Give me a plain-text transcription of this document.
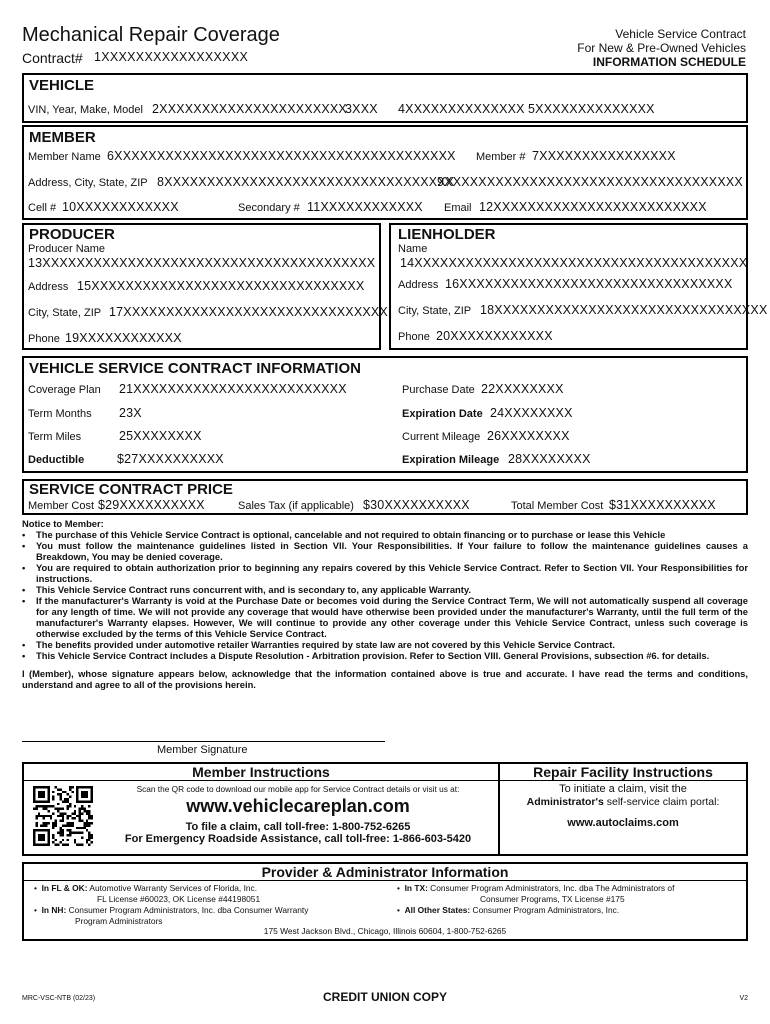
Mechanical Repair Coverage
Contract# 1XXXXXXXXXXXXXXXXX
Vehicle Service Contract
For New & Pre-Owned Vehicles
INFORMATION SCHEDULE
VEHICLE
VIN, Year, Make, Model 2XXXXXXXXXXXXXXXXXXXXXX
3XXX	4XXXXXXXXXXXXXX 5XXXXXXXXXXXXXX
MEMBER
Member Name 6XXXXXXXXXXXXXXXXXXXXXXXXXXXXXXXXXXXXXXXX	Member # 7XXXXXXXXXXXXXXXX
Address, City, State, ZIP 8XXXXXXXXXXXXXXXXXXXXXXXXXXXXXXXXXX
9XXXXXXXXXXXXXXXXXXXXXXXXXXXXXXXXXXX
Cell # 10XXXXXXXXXXXX	Secondary # 11XXXXXXXXXXXX	Email 12XXXXXXXXXXXXXXXXXXXXXXXXX
PRODUCER
Producer Name
13XXXXXXXXXXXXXXXXXXXXXXXXXXXXXXXXXXXXXXX
Address 15XXXXXXXXXXXXXXXXXXXXXXXXXXXXXXXX
City, State, ZIP 17XXXXXXXXXXXXXXXXXXXXXXXXXXXXXXX
Phone 19XXXXXXXXXXXX
LIENHOLDER
Name
14XXXXXXXXXXXXXXXXXXXXXXXXXXXXXXXXXXXXXXX
Address 16XXXXXXXXXXXXXXXXXXXXXXXXXXXXXXXX
City, State, ZIP 18XXXXXXXXXXXXXXXXXXXXXXXXXXXXXXXX
Phone 20XXXXXXXXXXXX
VEHICLE SERVICE CONTRACT INFORMATION
Coverage Plan 21XXXXXXXXXXXXXXXXXXXXXXXXX	Purchase Date 22XXXXXXXX
Term Months 23X	Expiration Date 24XXXXXXXX
Term Miles	25XXXXXXXX	Current Mileage 26XXXXXXXX
Deductible	$27XXXXXXXXXX	Expiration Mileage 28XXXXXXXX
SERVICE CONTRACT PRICE
Member Cost $29XXXXXXXXXX	Sales Tax (if applicable) $30XXXXXXXXXX	Total Member Cost $31XXXXXXXXXX
Notice to Member:
•	The purchase of this Vehicle Service Contract is optional, cancelable and not required to obtain financing or to purchase or lease this Vehicle
•	You must follow the maintenance guidelines listed in Section VII. Your Responsibilities. If Your failure to follow the maintenance guidelines causes a Breakdown, You may be denied coverage.
•	You are required to obtain authorization prior to beginning any repairs covered by this Vehicle Service Contract. Refer to Section VII. Your Responsibilities for instructions.
•	This Vehicle Service Contract runs concurrent with, and is secondary to, any applicable Warranty.
•	If the manufacturer's Warranty is void at the Purchase Date or becomes void during the Service Contract Term, We will not automatically suspend all coverage for any length of time. We will not provide any coverage that would have otherwise been provided under the manufacturer's Warranty, until the full term of the manufacturer's Warranty elapses. However, We will continue to provide any other coverage under this Vehicle Service Contract, unless such coverage is otherwise excluded by the terms of this Vehicle Service Contract.
•	The benefits provided under automotive retailer Warranties required by state law are not covered by this Vehicle Service Contract.
•	This Vehicle Service Contract includes a Dispute Resolution - Arbitration provision. Refer to Section VIII. General Provisions, subsection #6. for details.
I (Member), whose signature appears below, acknowledge that the information contained above is true and accurate. I have read the terms and conditions, understand and agree to all of the provisions herein.
Member Signature
Member Instructions	Repair Facility Instructions
Scan the QR code to download our mobile app for Service Contract details or visit us at:
www.vehiclecareplan.com
To file a claim, call toll-free: 1-800-752-6265
For Emergency Roadside Assistance, call toll-free: 1-866-603-5420
To initiate a claim, visit the
Administrator's self-service claim portal:
www.autoclaims.com
Provider & Administrator Information
• In FL & OK: Automotive Warranty Services of Florida, Inc.
FL License #60023, OK License #44198051
• In NH: Consumer Program Administrators, Inc. dba Consumer Warranty
Program Administrators
• In TX: Consumer Program Administrators, Inc. dba The Administrators of
Consumer Programs, TX License #175
• All Other States: Consumer Program Administrators, Inc.
175 West Jackson Blvd., Chicago, Illinois 60604, 1-800-752-6265
MRC-VSC-NTB (02/23)	CREDIT UNION COPY	V2
